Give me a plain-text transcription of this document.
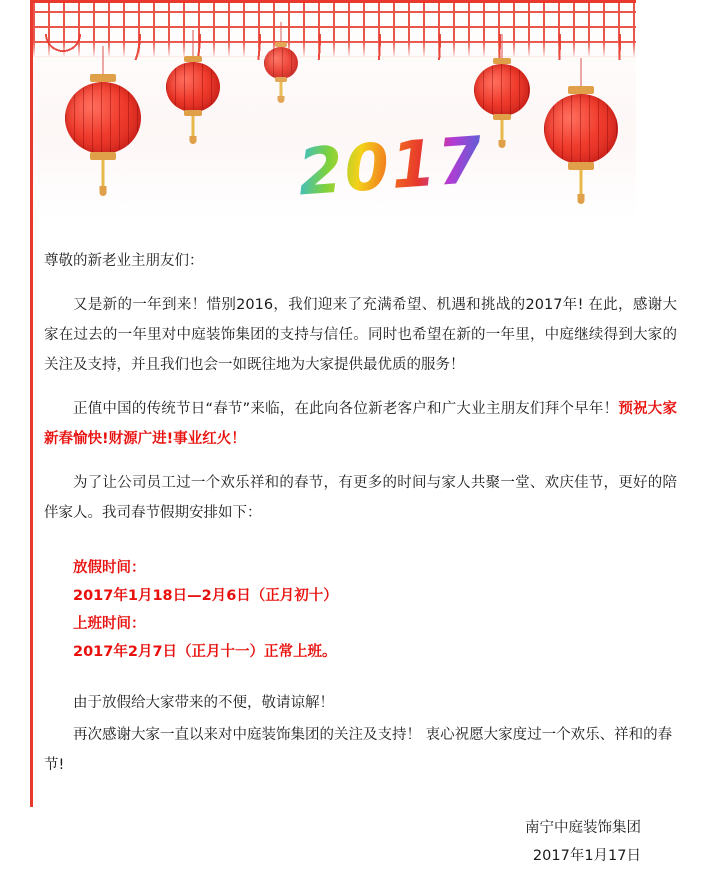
2017

尊敬的新老业主朋友们：

又是新的一年到来！惜别2016，我们迎来了充满希望、机遇和挑战的2017年! 在此，感谢大家在过去的一年里对中庭装饰集团的支持与信任。同时也希望在新的一年里，中庭继续得到大家的关注及支持，并且我们也会一如既往地为大家提供最优质的服务！

正值中国的传统节日“春节”来临，在此向各位新老客户和广大业主朋友们拜个早年！预祝大家新春愉快!财源广进!事业红火！

为了让公司员工过一个欢乐祥和的春节，有更多的时间与家人共聚一堂、欢庆佳节，更好的陪伴家人。我司春节假期安排如下：

放假时间：
2017年1月18日—2月6日（正月初十）
上班时间：
2017年2月7日（正月十一）正常上班。

由于放假给大家带来的不便，敬请谅解！

再次感谢大家一直以来对中庭装饰集团的关注及支持！ 衷心祝愿大家度过一个欢乐、祥和的春节!

南宁中庭装饰集团
2017年1月17日
